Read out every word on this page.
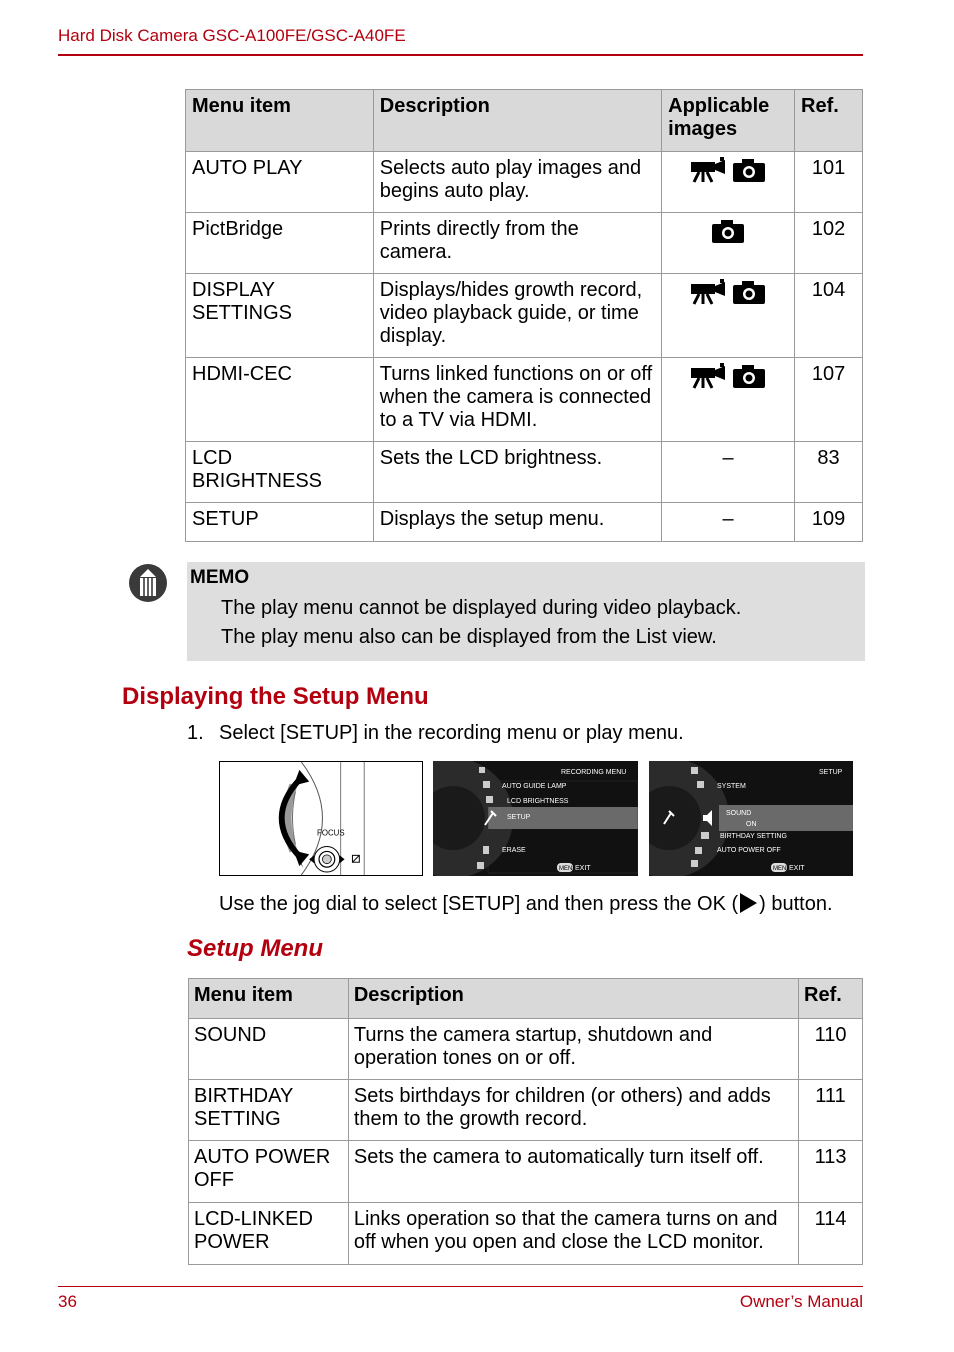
Hard Disk Camera GSC-A100FE/GSC-A40FE
Menu item	Description	Applicable images	Ref.
AUTO PLAY	Selects auto play images and begins auto play.		101
PictBridge	Prints directly from the camera.		102
DISPLAY SETTINGS	Displays/hides growth record, video playback guide, or time display.		104
HDMI-CEC	Turns linked functions on or off when the camera is connected to a TV via HDMI.		107
LCD BRIGHTNESS	Sets the LCD brightness.	–	83
SETUP	Displays the setup menu.	–	109
MEMO
The play menu cannot be displayed during video playback.
The play menu also can be displayed from the List view.
Displaying the Setup Menu
1. Select [SETUP] in the recording menu or play menu.
FOCUS
RECORDING MENU
AUTO GUIDE LAMP
LCD BRIGHTNESS
SETUP
ERASE
MENU
EXIT
SETUP
SYSTEM
SOUND
ON
BIRTHDAY SETTING
AUTO POWER OFF
MENU
EXIT
Use the jog dial to select [SETUP] and then press the OK ( ) button.
Setup Menu
Menu item	Description	Ref.
SOUND	Turns the camera startup, shutdown and operation tones on or off.	110
BIRTHDAY SETTING	Sets birthdays for children (or others) and adds them to the growth record.	111
AUTO POWER OFF	Sets the camera to automatically turn itself off.	113
LCD-LINKED POWER	Links operation so that the camera turns on and off when you open and close the LCD monitor.	114
36	Owner’s Manual
